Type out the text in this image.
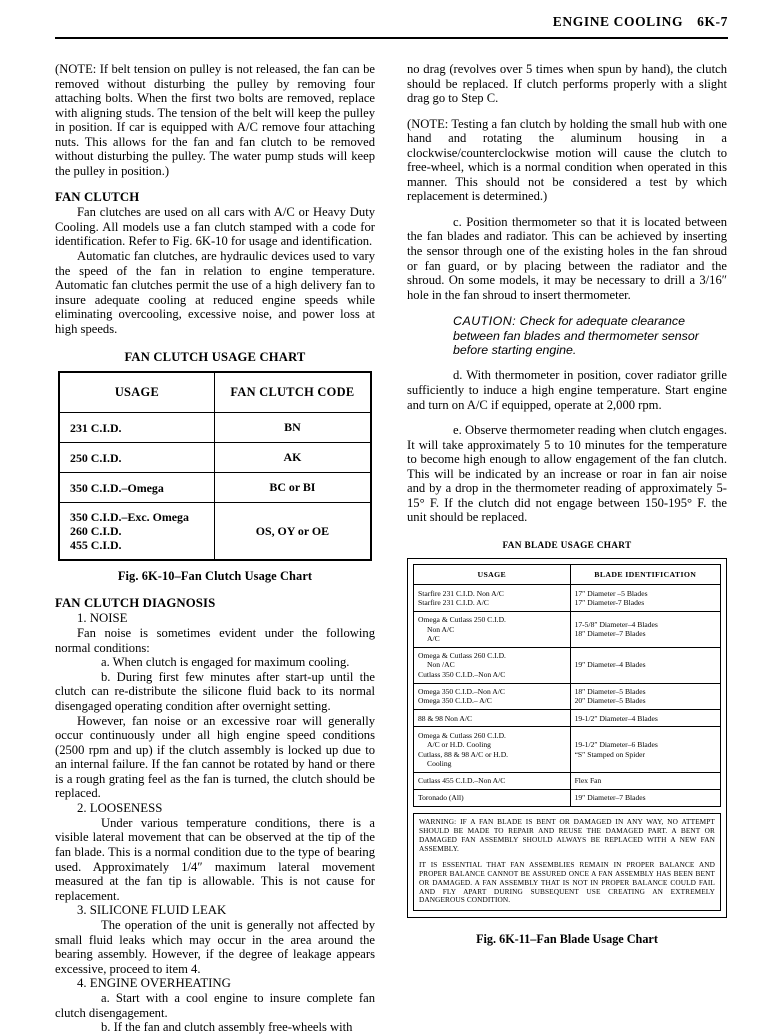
ENGINE COOLING 6K-7

(NOTE: If belt tension on pulley is not released, the fan can be removed without disturbing the pulley by removing four attaching bolts. When the first two bolts are removed, replace with aligning studs. The tension of the belt will keep the pulley in position. If car is equipped with A/C remove four attaching nuts. This allows for the fan and fan clutch to be removed without disturbing the pulley. The water pump studs will keep the pulley in position.)

FAN CLUTCH

Fan clutches are used on all cars with A/C or Heavy Duty Cooling. All models use a fan clutch stamped with a code for identification. Refer to Fig. 6K-10 for usage and identification.

Automatic fan clutches, are hydraulic devices used to vary the speed of the fan in relation to engine temperature. Automatic fan clutches permit the use of a high delivery fan to insure adequate cooling at reduced engine speeds while eliminating overcooling, excessive noise, and power loss at high speeds.

FAN CLUTCH USAGE CHART
USAGE	FAN CLUTCH CODE
231 C.I.D.	BN
250 C.I.D.	AK
350 C.I.D.–Omega	BC or BI
350 C.I.D.–Exc. Omega
260 C.I.D.
455 C.I.D.	OS, OY or OE
Fig. 6K-10–Fan Clutch Usage Chart
FAN CLUTCH DIAGNOSIS

1. NOISE

Fan noise is sometimes evident under the following normal conditions:

a. When clutch is engaged for maximum cooling.

b. During first few minutes after start-up until the clutch can re-distribute the silicone fluid back to its normal disengaged operating condition after overnight setting.

However, fan noise or an excessive roar will generally occur continuously under all high engine speed conditions (2500 rpm and up) if the clutch assembly is locked up due to an internal failure. If the fan cannot be rotated by hand or there is a rough grating feel as the fan is turned, the clutch should be replaced.

2. LOOSENESS

Under various temperature conditions, there is a visible lateral movement that can be observed at the tip of the fan blade. This is a normal condition due to the type of bearing used. Approximately 1/4″ maximum lateral movement measured at the fan tip is allowable. This is not cause for replacement.

3. SILICONE FLUID LEAK

The operation of the unit is generally not affected by small fluid leaks which may occur in the area around the bearing assembly. However, if the degree of leakage appears excessive, proceed to item 4.

4. ENGINE OVERHEATING

a. Start with a cool engine to insure complete fan clutch disengagement.

b. If the fan and clutch assembly free-wheels with

no drag (revolves over 5 times when spun by hand), the clutch should be replaced. If clutch performs properly with a slight drag go to Step C.

(NOTE: Testing a fan clutch by holding the small hub with one hand and rotating the aluminum housing in a clockwise/counterclockwise motion will cause the clutch to free-wheel, which is a normal condition when operated in this manner. This should not be considered a test by which replacement is determined.)

c. Position thermometer so that it is located between the fan blades and radiator. This can be achieved by inserting the sensor through one of the existing holes in the fan shroud or fan guard, or by placing between the radiator and the shroud. On some models, it may be necessary to drill a 3/16″ hole in the fan shroud to insert thermometer.

CAUTION: Check for adequate clearance between fan blades and thermometer sensor before starting engine.

d. With thermometer in position, cover radiator grille sufficiently to induce a high engine temperature. Start engine and turn on A/C if equipped, operate at 2,000 rpm.

e. Observe thermometer reading when clutch engages. It will take approximately 5 to 10 minutes for the temperature to become high enough to allow engagement of the fan clutch. This will be indicated by an increase or roar in fan air noise and by a drop in the thermometer reading of approximately 5-15° F. If the clutch did not engage between 150-195° F. the unit should be replaced.

FAN BLADE USAGE CHART
USAGE	BLADE IDENTIFICATION

Starfire 231 C.I.D. Non A/C
Starfire 231 C.I.D. A/C	17″ Diameter –5 Blades
17″ Diameter-7 Blades

Omega & Cutlass 250 C.I.D.
Non A/C
A/C	17-5/8″ Diameter–4 Blades
18″ Diameter–7 Blades

Omega & Cutlass 260 C.I.D.
Non /AC
Cutlass 350 C.I.D.–Non A/C	19″ Diameter–4 Blades

Omega 350 C.I.D.–Non A/C
Omega 350 C.I.D.– A/C	18″ Diameter–5 Blades
20″ Diameter–5 Blades

88 & 98 Non A/C	19-1/2″ Diameter–4 Blades

Omega & Cutlass 260 C.I.D.
A/C or H.D. Cooling
Cutlass, 88 & 98 A/C or H.D.
Cooling	19-1/2″ Diameter–6 Blades
“S″ Stamped on Spider

Cutlass 455 C.I.D.–Non A/C	Flex Fan

Toronado (All)	19″ Diameter–7 Blades

WARNING: IF A FAN BLADE IS BENT OR DAMAGED IN ANY WAY, NO ATTEMPT SHOULD BE MADE TO REPAIR AND REUSE THE DAMAGED PART. A BENT OR DAMAGED FAN ASSEMBLY SHOULD ALWAYS BE REPLACED WITH A NEW FAN ASSEMBLY.

IT IS ESSENTIAL THAT FAN ASSEMBLIES REMAIN IN PROPER BALANCE AND PROPER BALANCE CANNOT BE ASSURED ONCE A FAN ASSEMBLY HAS BEEN BENT OR DAMAGED. A FAN ASSEMBLY THAT IS NOT IN PROPER BALANCE COULD FAIL AND FLY APART DURING SUBSEQUENT USE CREATING AN EXTREMELY DANGEROUS CONDITION.

Fig. 6K-11–Fan Blade Usage Chart
